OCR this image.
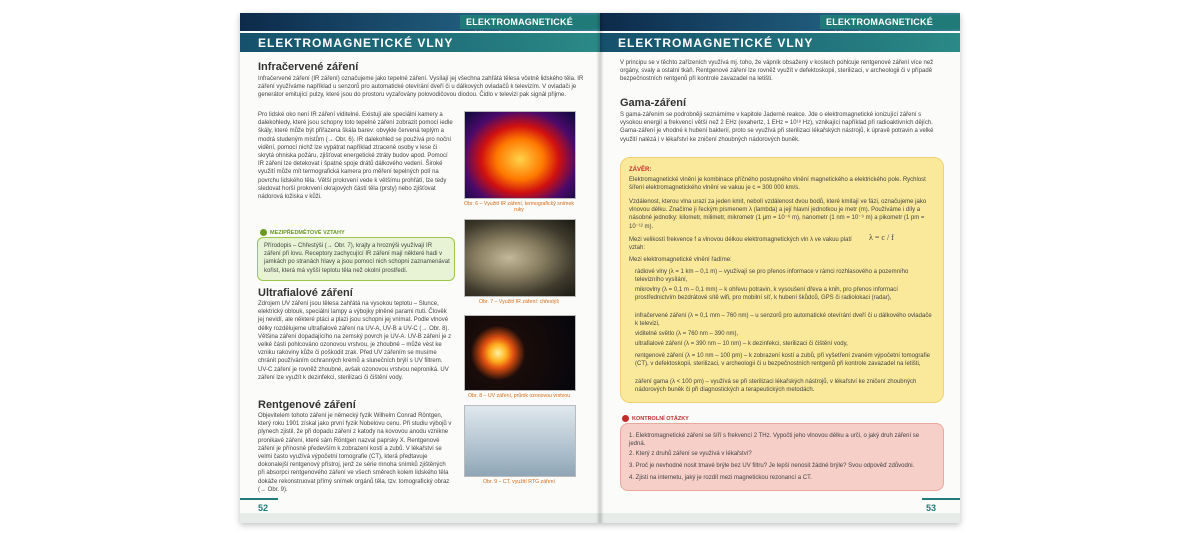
ELEKTROMAGNETICKÉ
ELEKTROMAGNETICKÉ VLNY
Infračervené záření
Infračervené záření (IR záření) označujeme jako tepelné záření. Vysílají jej všechna zahřátá tělesa včetně lidského těla. IR záření využíváme například u senzorů pro automatické otevírání dveří či u dálkových ovladačů k televizím. V ovladači je generátor emitující pulzy, které jsou do prostoru vyzařovány polovodičovou diodou. Čidlo v televizi pak signál přijme.
Pro lidské oko není IR záření viditelné. Existují ale speciální kamery a dalekohledy, které jsou schopny toto tepelné záření zobrazit pomocí iedle škály, které může být přiřazena škála barev: obvykle červená teplým a modrá studeným místům (→ Obr. 6). IR dalekohled se používá pro noční vidění, pomocí nichž lze vypátrat například ztracené osoby v lese či skrytá ohniska požáru, zjišťovat energetické ztráty budov apod. Pomocí IR záření lze detekovat i špatné spoje drátů dálkového vedení. Široké využití může mít termografická kamera pro měření tepelných polí na povrchu lidského těla. Větší prokrvení vede k většímu prohřátí, lze tedy sledovat horší prokrvení okrajových částí těla (prsty) nebo zjišťovat nádorová ložiska v kůži.
Obr. 6 – Využití IR záření, termografický snímek ruky
MEZIPŘEDMĚTOVÉ VZTAHY
Přírodopis – Chřestýši (→ Obr. 7), krajty a hroznýši využívají IR záření při lovu. Receptory zachycující IR záření mají některé hadi v jamkách po stranách hlavy a jsou pomocí nich schopni zaznamenávat kořist, která má vyšší teplotu těla než okolní prostředí.
Obr. 7 – Využití IR záření: chřestýš
Ultrafialové záření
Zdrojem UV záření jsou tělesa zahřátá na vysokou teplotu – Slunce, elektrický oblouk, speciální lampy a výbojky plněné parami rtuti. Člověk jej nevidí, ale některé ptáci a plazi jsou schopni jej vnímat. Podle vlnové délky rozdělujeme ultrafialové záření na UV-A, UV-B a UV-C (→ Obr. 8). Většina záření dopadajícího na zemský povrch je UV-A. UV-B záření je z velké části pohlcováno ozonovou vrstvou, je zhoubné – může vést ke vzniku rakoviny kůže či poškodit zrak. Před UV zářením se musíme chránit používáním ochranných krémů a slunečních brýlí s UV filtrem. UV-C záření je rovněž zhoubné, avšak ozonovou vrstvou neproniká. UV záření lze využít k dezinfekci, sterilizaci či čištění vody.
Obr. 8 – UV záření, průnik ozonovou vrstvou
Rentgenové záření
Objevitelem tohoto záření je německý fyzik Wilhelm Conrad Röntgen, který roku 1901 získal jako první fyzik Nobelovu cenu. Při studiu výbojů v plynech zjistil, že při dopadu záření z katody na kovovou anodu vzniknе pronikavé záření, které sám Röntgen nazval paprsky X. Rentgenové záření je přínosné především k zobrazení kostí a zubů. V lékařství se velmi často využívá výpočetní tomografie (CT), která předtavuje dokonalejší rentgenový přístroj, jenž ze série mnoha snímků zjištěných při absorpci rentgenového záření ve všech směrech kolem lidského těla dokáže rekonstruovat přímý snímek orgánů těla, tzv. tomografický obraz (→ Obr. 9).
Obr. 9 – CT, využití RTG záření
52
ELEKTROMAGNETICKÉ
ELEKTROMAGNETICKÉ VLNY
V principu se v těchto zařízeních využívá mj. toho, že vápník obsažený v kostech pohlcuje rentgenové záření více než orgány, svaly a ostatní tkáň. Rentgenové záření lze rovněž využít v defektoskopii, sterilizaci, v archeologii či v případě bezpečnostních rentgenů při kontrole zavazadel na letišti.
Gama-záření
S gama-zářením se podrobněji seznámíme v kapitole Jaderné reakce. Jde o elektromagnetické ionizující záření s vysokou energií a frekvencí větší než 2 EHz (exahertz, 1 EHz = 10¹⁸ Hz), vznikající například při radioaktivních dějích. Gama-záření je vhodné k hubení bakterií, proto se využívá při sterilizaci lékařských nástrojů, k úpravě potravin a velké využití nalézá i v lékařství ke zničení zhoubných nádorových buněk.
ZÁVĚR:
Elektromagnetické vlnění je kombinace příčného postupného vlnění magnetického a elektrického pole. Rychlost šíření elektromagnetického vlnění ve vakuu je c = 300 000 km/s.
Vzdálenost, kterou vlna urazí za jeden kmit, nebolí vzdálenost dvou bodů, které kmitají ve fázi, označujeme jako vlnovou délku. Značíme ji řeckým písmenem λ (lambda) a její hlavní jednotkou je metr (m). Používáme i díly a násobné jednotky: kilometr, milimetr, mikrometr (1 μm = 10⁻⁶ m), nanometr (1 nm = 10⁻⁹ m) a pikometr (1 pm = 10⁻¹² m).
Mezi velikostí frekvence f a vlnovou délkou elektromagnetických vln λ ve vakuu platí vztah:
λ = c / f
Mezi elektromagnetické vlnění řadíme:
rádiové vlny (λ = 1 km – 0,1 m) – využívají se pro přenos informace v rámci rozhlasového a pozemního televizního vysílání,
mikrovlny (λ = 0,1 m – 0,1 mm) – k ohřevu potravin, k vysoušení dřeva a knih, pro přenos informací prostřednictvím bezdrátové sítě wifi, pro mobilní síť, k hubení škůdců, GPS či radiolokaci (radar),
infračervené záření (λ = 0,1 mm – 760 nm) – u senzorů pro automatické otevírání dveří či u dálkového ovladače k televizi,
viditelné světlo (λ = 760 nm – 390 nm),
ultrafialové záření (λ = 390 nm – 10 nm) – k dezinfekci, sterilizaci či čištění vody,
rentgenové záření (λ = 10 nm – 100 pm) – k zobrazení kostí a zubů, při vyšetření zvaném výpočetní tomografie (CT), v defektoskopii, sterilizaci, v archeologii či u bezpečnostních rentgenů při kontrole zavazadel na letišti,
záření gama (λ < 100 pm) – využívá se při sterilizaci lékařských nástrojů, v lékařství ke zničení zhoubných nádorových buněk či při diagnostických a terapeutických metodách.
KONTROLNÍ OTÁZKY
1. Elektromagnetické záření se šíří s frekvencí 2 THz. Vypočti jeho vlnovou délku a urči, o jaký druh záření se jedná.
2. Který z druhů záření se využívá v lékařství?
3. Proč je nevhodné nosit tmavé brýle bez UV filtru? Je lepší nenosit žádné brýle? Svou odpověď zdůvodni.
4. Zjisti na internetu, jaký je rozdíl mezi magnetickou rezonancí a CT.
53
